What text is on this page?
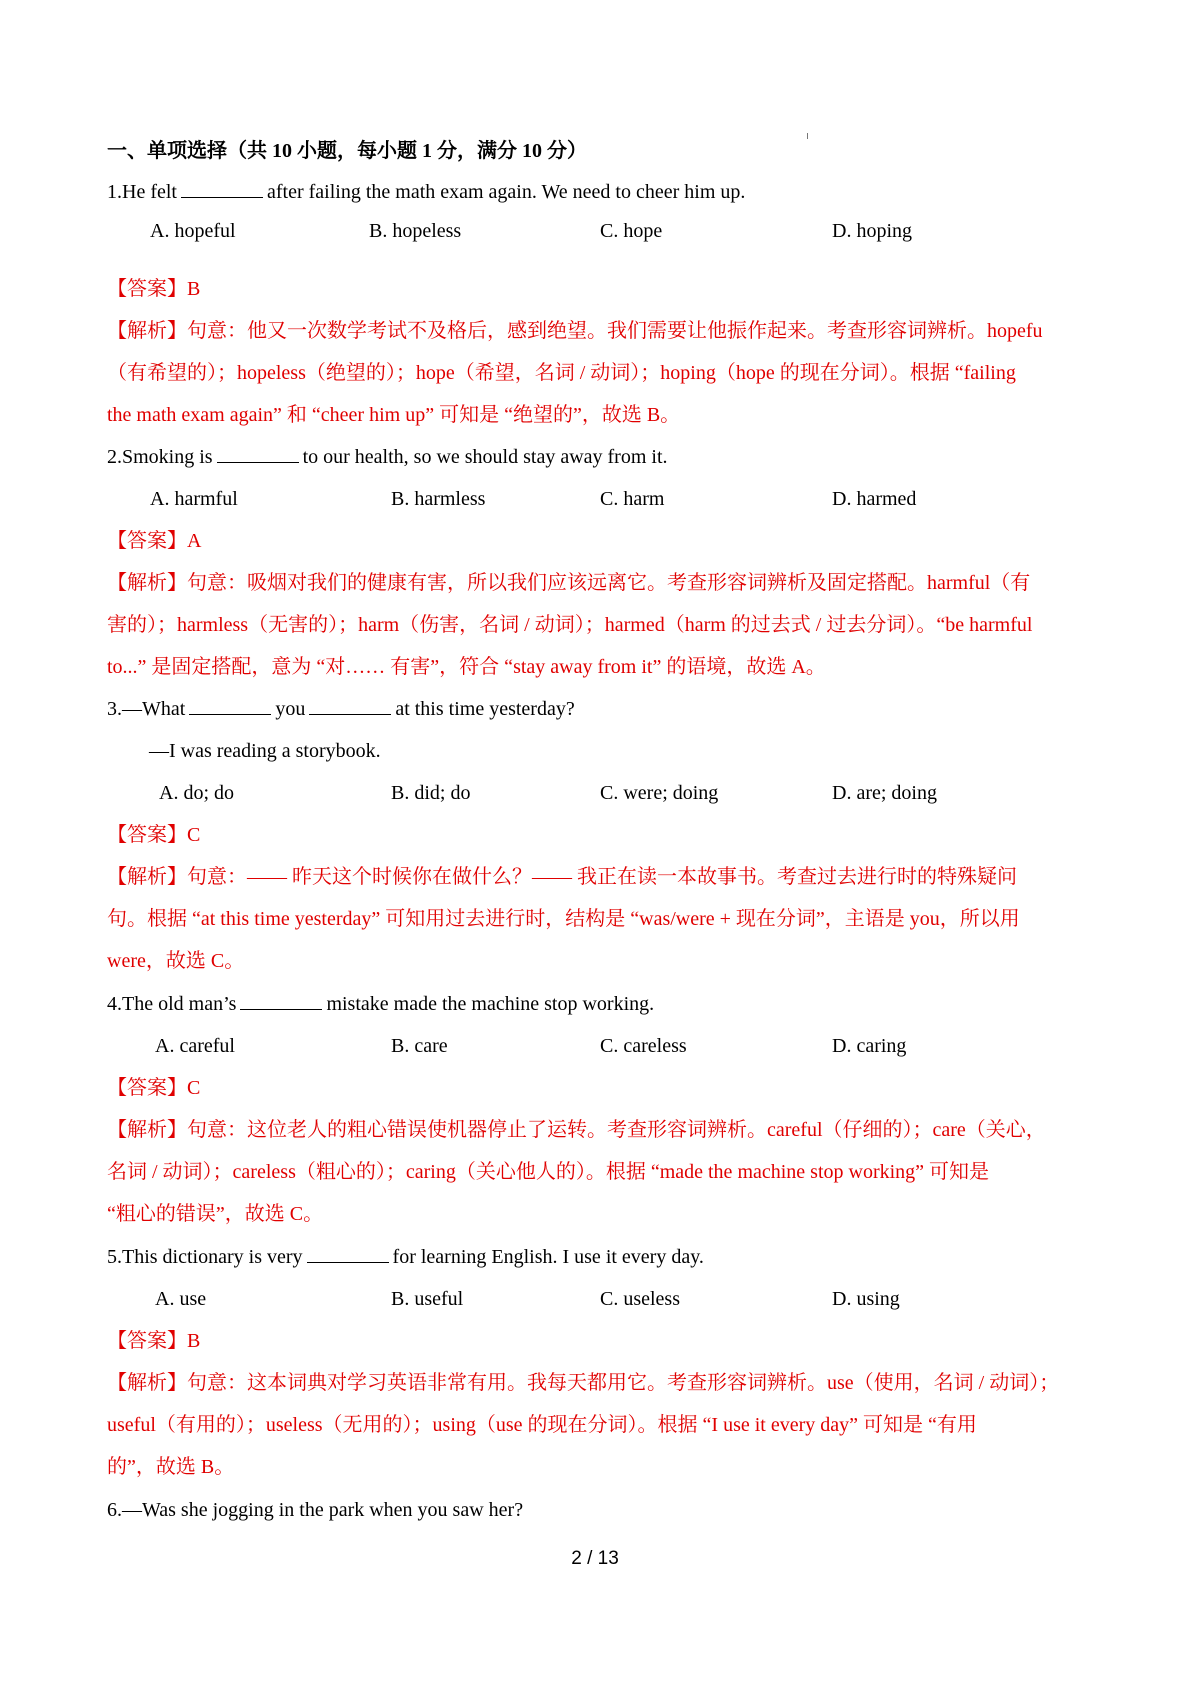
一、单项选择（共 10 小题，每小题 1 分，满分 10 分）
1.He felt	after failing the math exam again. We need to cheer him up.
A. hopeful	B. hopeless	C. hope	D. hoping
【答案】B
【解析】句意：他又一次数学考试不及格后，感到绝望。我们需要让他振作起来。考查形容词辨析。hopefu
（有希望的）；hopeless（绝望的）；hope（希望，名词 / 动词）；hoping（hope 的现在分词）。根据 “failing
the math exam again” 和 “cheer him up” 可知是 “绝望的”，故选 B。
2.Smoking is	to our health, so we should stay away from it.
A. harmful	B. harmless	C. harm	D. harmed
【答案】A
【解析】句意：吸烟对我们的健康有害，所以我们应该远离它。考查形容词辨析及固定搭配。harmful（有
害的）；harmless（无害的）；harm（伤害，名词 / 动词）；harmed（harm 的过去式 / 过去分词）。“be harmful
to...” 是固定搭配，意为 “对…… 有害”，符合 “stay away from it” 的语境，故选 A。
3.—What	you	at this time yesterday?
—I was reading a storybook.
A. do; do	B. did; do	C. were; doing	D. are; doing
【答案】C
【解析】句意：—— 昨天这个时候你在做什么？—— 我正在读一本故事书。考查过去进行时的特殊疑问
句。根据 “at this time yesterday” 可知用过去进行时，结构是 “was/were + 现在分词”，主语是 you，所以用
were，故选 C。
4.The old man’s	mistake made the machine stop working.
A. careful	B. care	C. careless	D. caring
【答案】C
【解析】句意：这位老人的粗心错误使机器停止了运转。考查形容词辨析。careful（仔细的）；care（关心，
名词 / 动词）；careless（粗心的）；caring（关心他人的）。根据 “made the machine stop working” 可知是
“粗心的错误”，故选 C。
5.This dictionary is very	for learning English. I use it every day.
A. use	B. useful	C. useless	D. using
【答案】B
【解析】句意：这本词典对学习英语非常有用。我每天都用它。考查形容词辨析。use（使用，名词 / 动词）；
useful（有用的）；useless（无用的）；using（use 的现在分词）。根据 “I use it every day” 可知是 “有用
的”，故选 B。
6.—Was she jogging in the park when you saw her?
2 / 13
